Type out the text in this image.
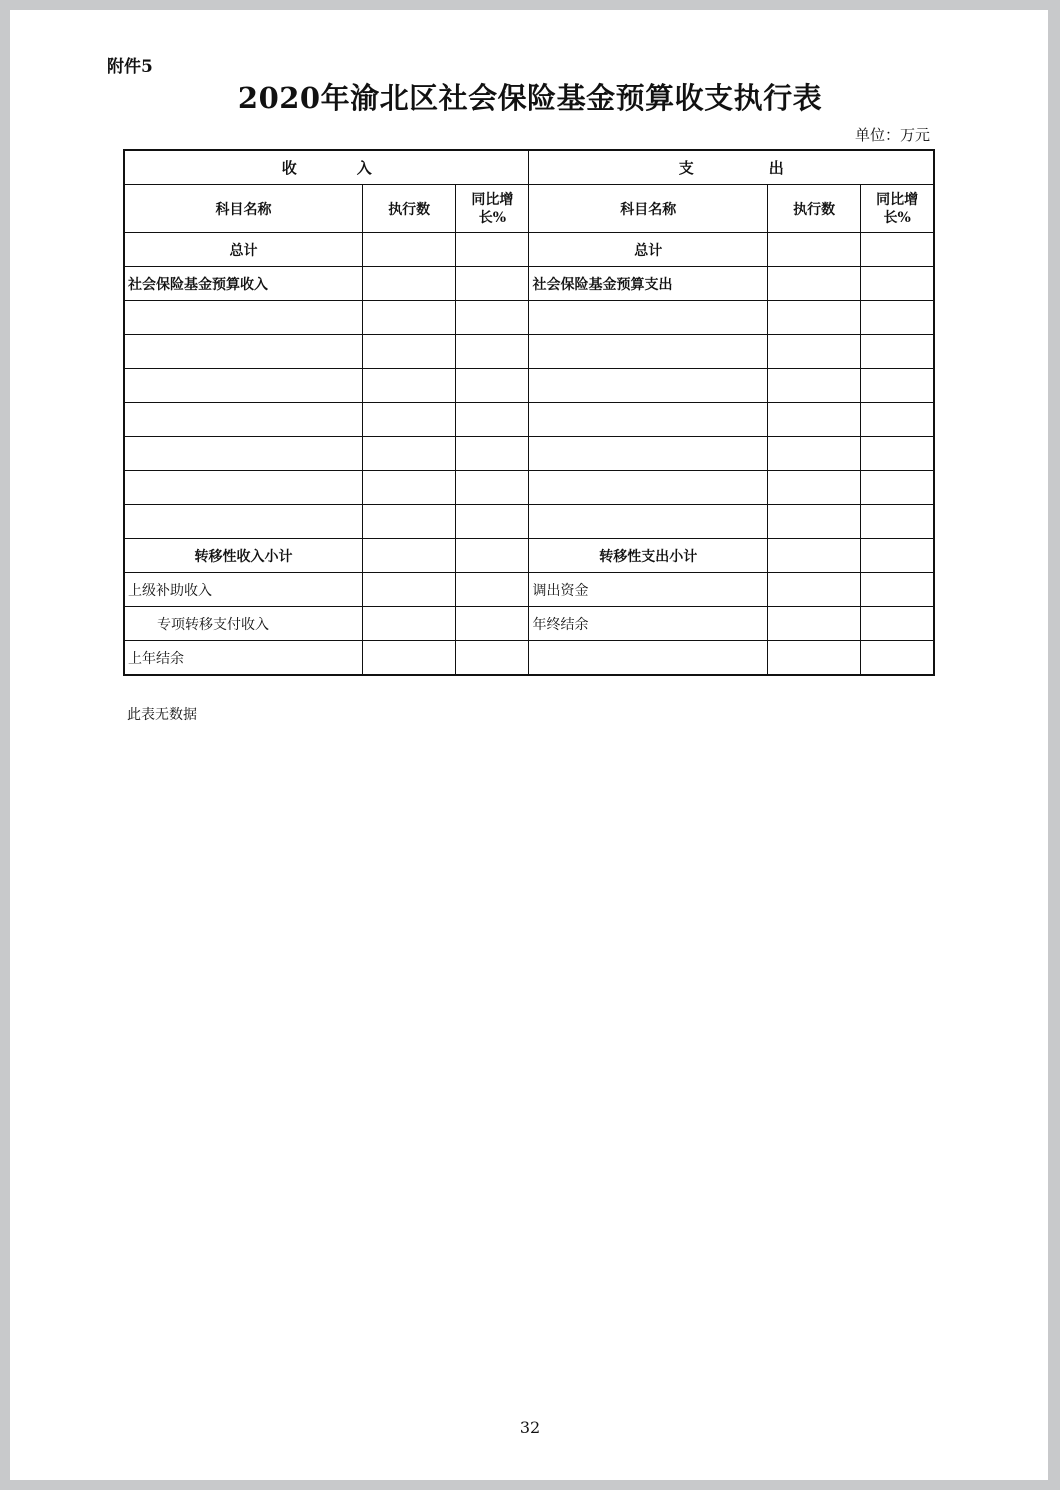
附件5
2020年渝北区社会保险基金预算收支执行表
单位：万元
收　　　　入			支　　　　　出		
科目名称	执行数	同比增长%	科目名称	执行数	同比增长%
总计			总计		
社会保险基金预算收入			社会保险基金预算支出		

转移性收入小计			转移性支出小计		
上级补助收入			调出资金		
专项转移支付收入			年终结余		
上年结余					
此表无数据
32
